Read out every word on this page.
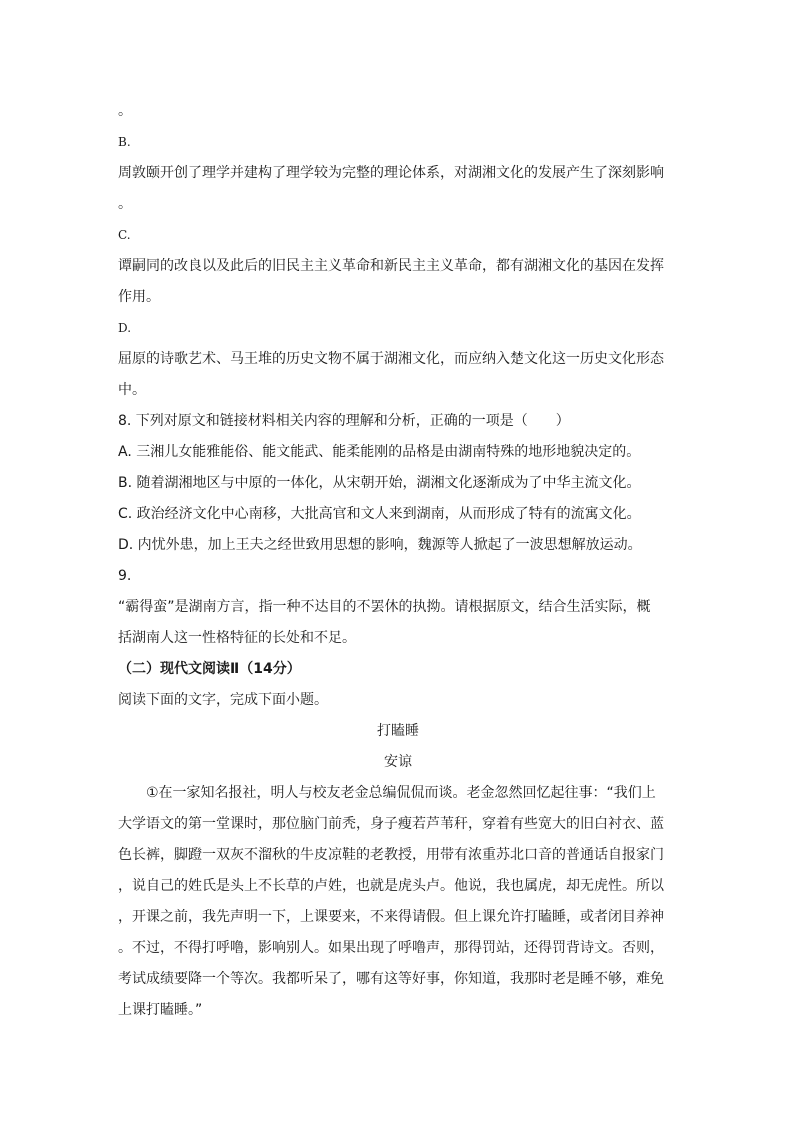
。
B.
周敦颐开创了理学并建构了理学较为完整的理论体系，对湖湘文化的发展产生了深刻影响
。
C.
谭嗣同的改良以及此后的旧民主主义革命和新民主主义革命，都有湖湘文化的基因在发挥
作用。
D.
屈原的诗歌艺术、马王堆的历史文物不属于湖湘文化，而应纳入楚文化这一历史文化形态
中。
8. 下列对原文和链接材料相关内容的理解和分析，正确的一项是（　　）
A. 三湘儿女能雅能俗、能文能武、能柔能刚的品格是由湖南特殊的地形地貌决定的。
B. 随着湖湘地区与中原的一体化，从宋朝开始，湖湘文化逐渐成为了中华主流文化。
C. 政治经济文化中心南移，大批高官和文人来到湖南，从而形成了特有的流寓文化。
D. 内忧外患，加上王夫之经世致用思想的影响，魏源等人掀起了一波思想解放运动。
9.
“霸得蛮”是湖南方言，指一种不达目的不罢休的执拗。请根据原文，结合生活实际，概
括湖南人这一性格特征的长处和不足。
（二）现代文阅读Ⅱ（14分）
阅读下面的文字，完成下面小题。
打瞌睡
安谅
①在一家知名报社，明人与校友老金总编侃侃而谈。老金忽然回忆起往事：“我们上
大学语文的第一堂课时，那位脑门前秃，身子瘦若芦苇秆，穿着有些宽大的旧白衬衣、蓝
色长裤，脚蹬一双灰不溜秋的牛皮凉鞋的老教授，用带有浓重苏北口音的普通话自报家门
，说自己的姓氏是头上不长草的卢姓，也就是虎头卢。他说，我也属虎，却无虎性。所以
，开课之前，我先声明一下，上课要来，不来得请假。但上课允许打瞌睡，或者闭目养神
。不过，不得打呼噜，影响别人。如果出现了呼噜声，那得罚站，还得罚背诗文。否则，
考试成绩要降一个等次。我都听呆了，哪有这等好事，你知道，我那时老是睡不够，难免
上课打瞌睡。”
